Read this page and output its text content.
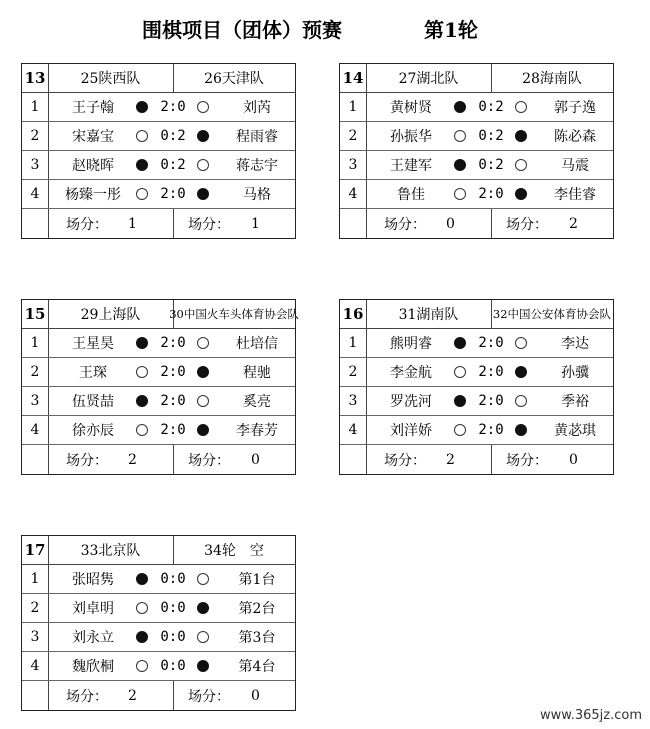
围棋项目（团体）预赛	第1轮
13	25陕西队	26天津队
1	王子翰	2:0	刘芮
2	宋嘉宝	0:2	程雨睿
3	赵晓晖	0:2	蒋志宇
4	杨臻一彤	2:0	马格
场分： 1	场分： 1
14	27湖北队	28海南队
1	黄树贤	0:2	郭子逸
2	孙振华	0:2	陈必森
3	王建军	0:2	马震
4	鲁佳	2:0	李佳睿
场分： 0	场分： 2
15	29上海队	30中国火车头体育协会队
1	王星昊	2:0	杜培信
2	王琛	2:0	程驰
3	伍贤喆	2:0	奚亮
4	徐亦辰	2:0	李春芳
场分： 2	场分： 0
16	31湖南队	32中国公安体育协会队
1	熊明睿	2:0	李达
2	李金航	2:0	孙骥
3	罗冼河	2:0	季裕
4	刘洋娇	2:0	黄苾琪
场分： 2	场分： 0
17	33北京队	34轮　空
1	张昭隽	0:0	第1台
2	刘卓明	0:0	第2台
3	刘永立	0:0	第3台
4	魏欣桐	0:0	第4台
场分： 2	场分： 0
www.365jz.com
